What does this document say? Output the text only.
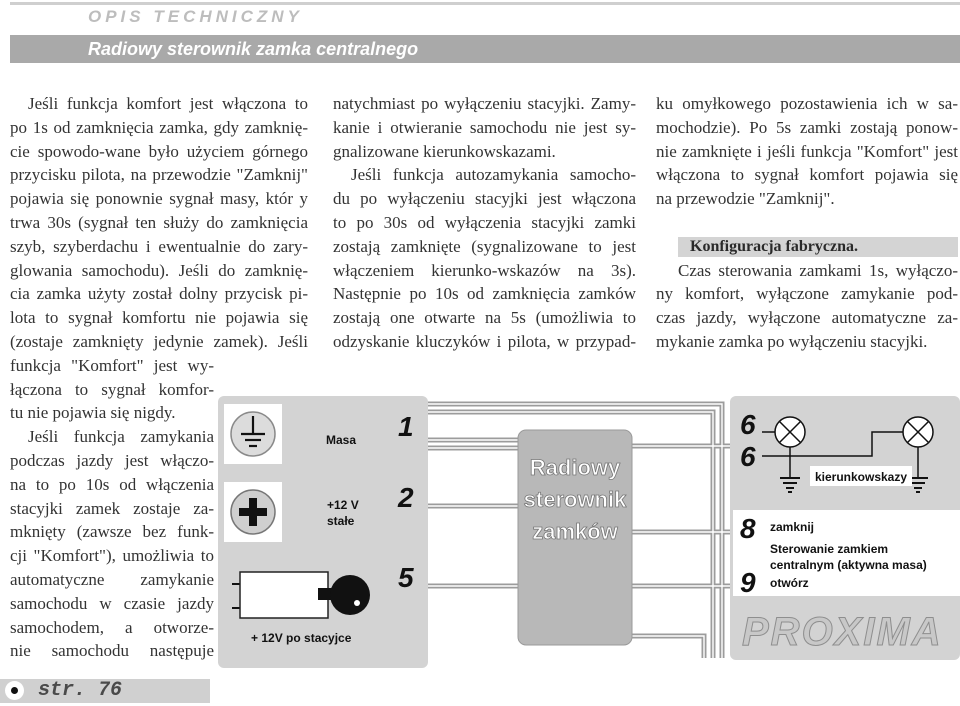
OPIS TECHNICZNY
Radiowy sterownik zamka centralnego
Masa
+12 V
stałe
1
2
5
+ 12V po stacyjce
Radiowy
sterownik
zamków
6
6
8
9
kierunkowskazy
zamknij
Sterowanie zamkiem
centralnym (aktywna masa)
otwórz
PROXIMA
Jeśli funkcja komfort jest włączona to
po 1s od zamknięcia zamka, gdy zamknię-
cie spowodo-wane było użyciem górnego
przycisku pilota, na przewodzie "Zamknij"
pojawia się ponownie sygnał masy, któr y
trwa 30s (sygnał ten służy do zamknięcia
szyb, szyberdachu i ewentualnie do zary-
glowania samochodu). Jeśli do zamknię-
cia zamka użyty został dolny przycisk pi-
lota to sygnał komfortu nie pojawia się
(zostaje zamknięty jedynie zamek). Jeśli
funkcja "Komfort" jest wy-
łączona to sygnał komfor-
tu nie pojawia się nigdy.
Jeśli funkcja zamykania
podczas jazdy jest włączo-
na to po 10s od włączenia
stacyjki zamek zostaje za-
mknięty (zawsze bez funk-
cji "Komfort"), umożliwia to
automatyczne zamykanie
samochodu w czasie jazdy
samochodem, a otworze-
nie samochodu następuje
natychmiast po wyłączeniu stacyjki. Zamy-
kanie i otwieranie samochodu nie jest sy-
gnalizowane kierunkowskazami.
Jeśli funkcja autozamykania samocho-
du po wyłączeniu stacyjki jest włączona
to po 30s od wyłączenia stacyjki zamki
zostają zamknięte (sygnalizowane to jest
włączeniem kierunko-wskazów na 3s).
Następnie po 10s od zamknięcia zamków
zostają one otwarte na 5s (umożliwia to
odzyskanie kluczyków i pilota, w przypad-
ku omyłkowego pozostawienia ich w sa-
mochodzie). Po 5s zamki zostają ponow-
nie zamknięte i jeśli funkcja "Komfort" jest
włączona to sygnał komfort pojawia się
na przewodzie "Zamknij".
Konfiguracja fabryczna.
Czas sterowania zamkami 1s, wyłączo-
ny komfort, wyłączone zamykanie pod-
czas jazdy, wyłączone automatyczne za-
mykanie zamka po wyłączeniu stacyjki.
str. 76
